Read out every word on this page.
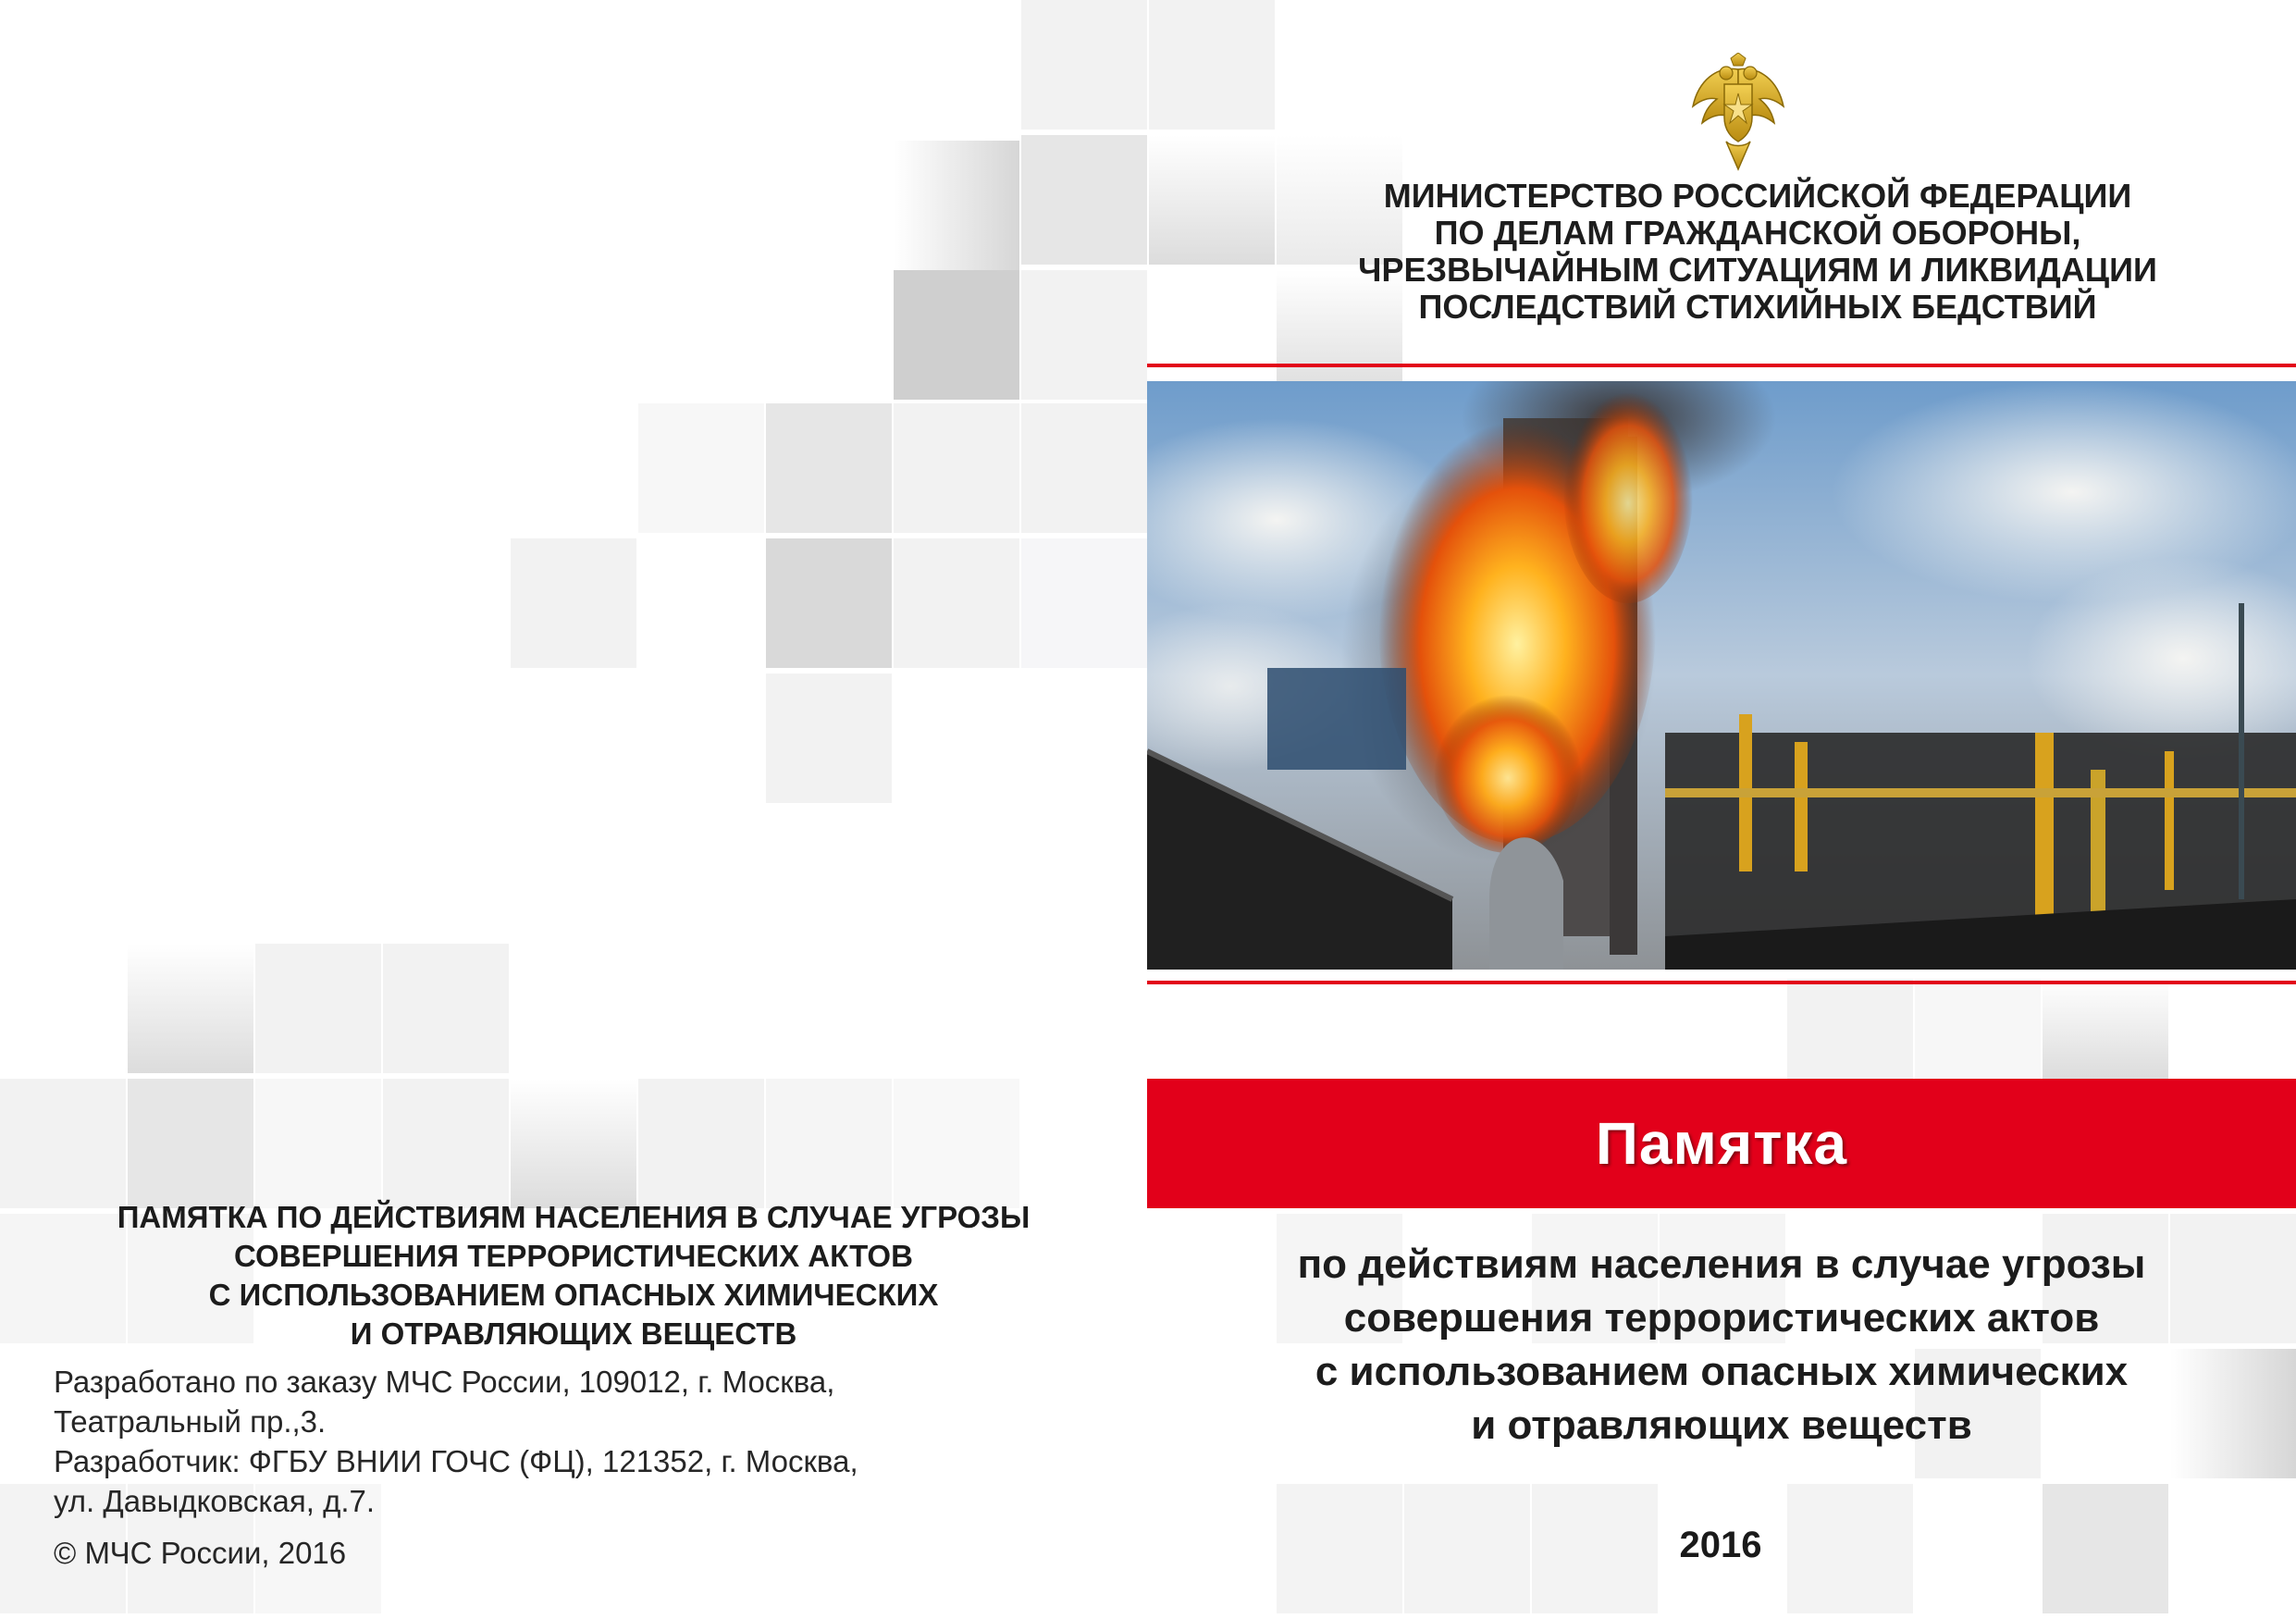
ПАМЯТКА ПО ДЕЙСТВИЯМ НАСЕЛЕНИЯ В СЛУЧАЕ УГРОЗЫ
СОВЕРШЕНИЯ ТЕРРОРИСТИЧЕСКИХ АКТОВ
С ИСПОЛЬЗОВАНИЕМ ОПАСНЫХ ХИМИЧЕСКИХ
И ОТРАВЛЯЮЩИХ ВЕЩЕСТВ
Разработано по заказу МЧС России, 109012, г. Москва,
Театральный пр.,3.
Разработчик: ФГБУ ВНИИ ГОЧС (ФЦ), 121352, г. Москва,
ул. Давыдковская, д.7.
© МЧС России, 2016
МИНИСТЕРСТВО РОССИЙСКОЙ ФЕДЕРАЦИИ
ПО ДЕЛАМ ГРАЖДАНСКОЙ ОБОРОНЫ,
ЧРЕЗВЫЧАЙНЫМ СИТУАЦИЯМ И ЛИКВИДАЦИИ
ПОСЛЕДСТВИЙ СТИХИЙНЫХ БЕДСТВИЙ
Памятка
по действиям населения в случае угрозы
совершения террористических актов
с использованием опасных химических
и отравляющих веществ
2016
